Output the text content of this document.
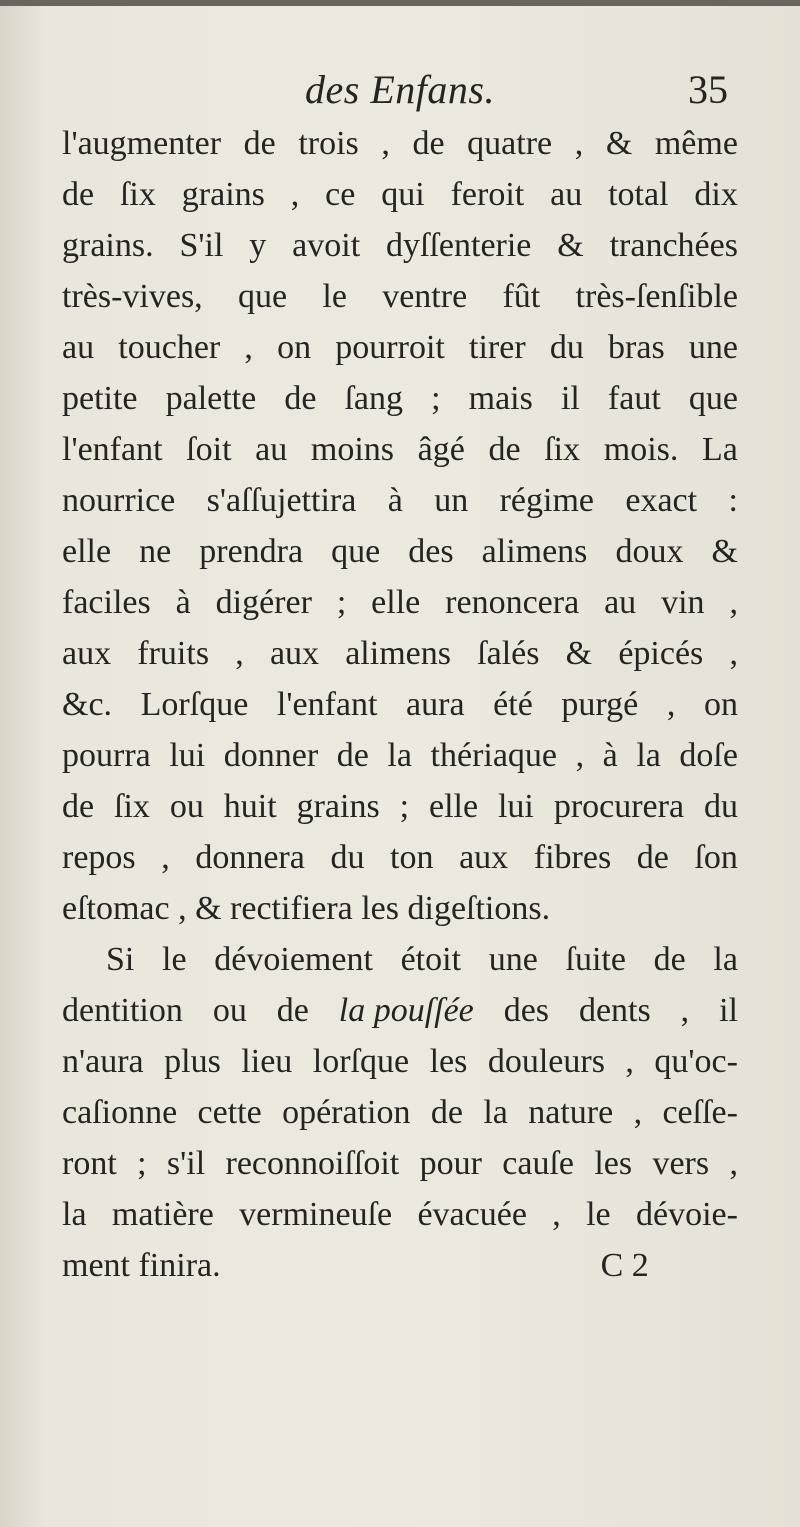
des Enfans.	35
l'augmenter de trois , de quatre , & même
de ſix grains , ce qui feroit au total dix
grains. S'il y avoit dyſſenterie & tranchées
très-vives, que le ventre fût très-ſenſible
au toucher , on pourroit tirer du bras une
petite palette de ſang ; mais il faut que
l'enfant ſoit au moins âgé de ſix mois. La
nourrice s'aſſujettira à un régime exact :
elle ne prendra que des alimens doux &
faciles à digérer ; elle renoncera au vin ,
aux fruits , aux alimens ſalés & épicés ,
&c. Lorſque l'enfant aura été purgé , on
pourra lui donner de la thériaque , à la doſe
de ſix ou huit grains ; elle lui procurera du
repos , donnera du ton aux fibres de ſon
eſtomac , & rectifiera les digeſtions.
Si le dévoiement étoit une ſuite de la
dentition ou de la pouſſée des dents , il
n'aura plus lieu lorſque les douleurs , qu'oc-
caſionne cette opération de la nature , ceſſe-
ront ; s'il reconnoiſſoit pour cauſe les vers ,
la matière vermineuſe évacuée , le dévoie-
ment finira.	C 2
